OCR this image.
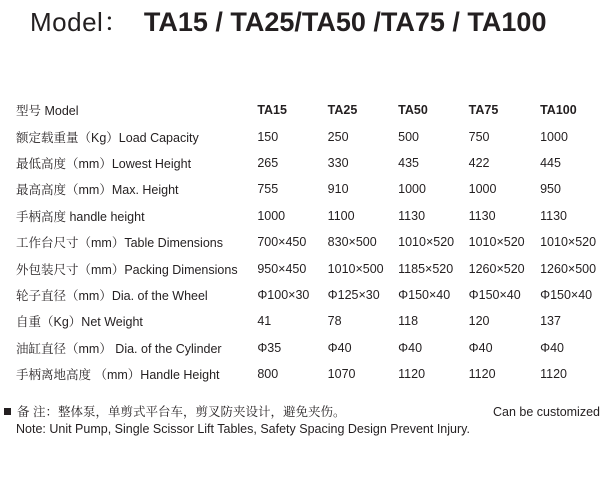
Model： TA15 / TA25/TA50 /TA75 / TA100
型号 Model	TA15	TA25	TA50	TA75	TA100
额定载重量（Kg）Load Capacity	150	250	500	750	1000
最低高度（mm）Lowest Height	265	330	435	422	445
最高高度（mm）Max. Height	755	910	1000	1000	950
手柄高度 handle height	1000	1100	1130	1130	1130
工作台尺寸（mm）Table Dimensions	700×450	830×500	1010×520	1010×520	1010×520
外包装尺寸（mm）Packing Dimensions	950×450	1010×500	1185×520	1260×520	1260×500
轮子直径（mm）Dia. of the Wheel	Φ100×30	Φ125×30	Φ150×40	Φ150×40	Φ150×40
自重（Kg）Net Weight	41	78	118	120	137
油缸直径（mm） Dia. of the Cylinder	Φ35	Φ40	Φ40	Φ40	Φ40
手柄离地高度 （mm）Handle Height	800	1070	1120	1120	1120
备 注：整体泵，单剪式平台车，剪叉防夹设计，避免夹伤。	Can be customized
Note: Unit Pump, Single Scissor Lift Tables, Safety Spacing Design Prevent Injury.
